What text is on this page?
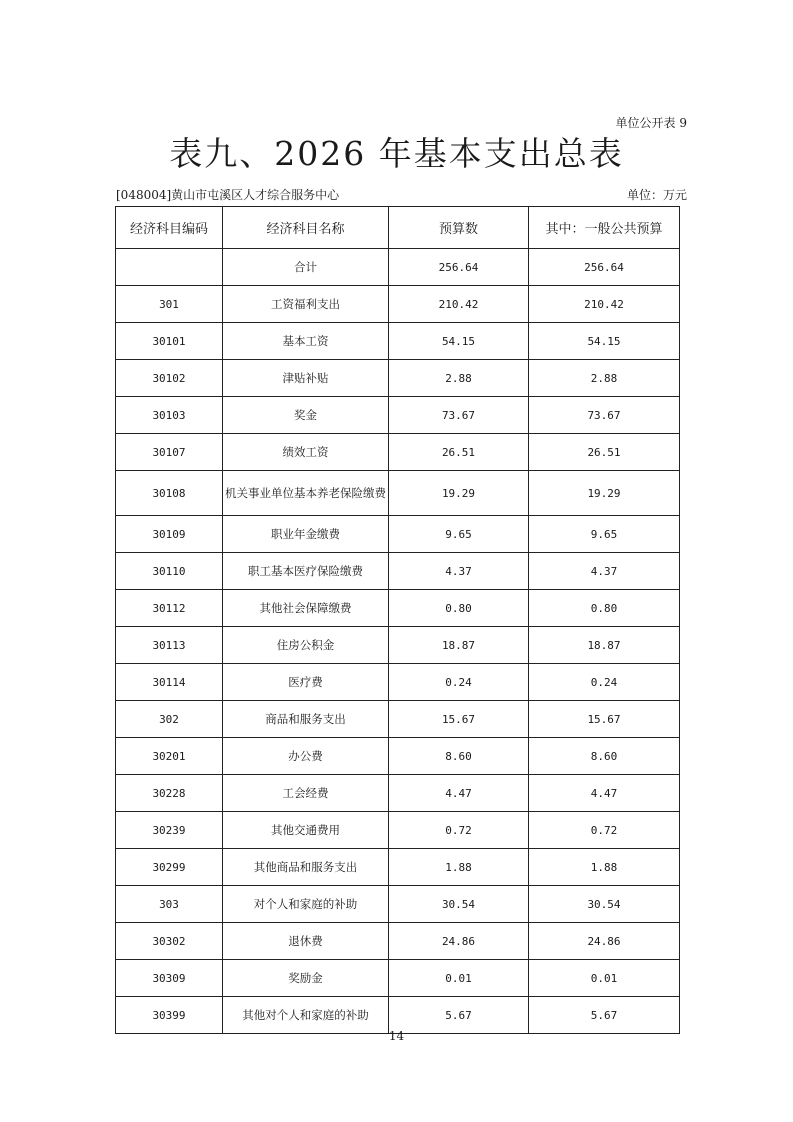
单位公开表 9
表九、2026 年基本支出总表
[048004]黄山市屯溪区人才综合服务中心	单位：万元
经济科目编码	经济科目名称	预算数	其中：一般公共预算
	合计	256.64	256.64
301	工资福利支出	210.42	210.42
30101	基本工资	54.15	54.15
30102	津贴补贴	2.88	2.88
30103	奖金	73.67	73.67
30107	绩效工资	26.51	26.51
30108	机关事业单位基本养老保险缴费	19.29	19.29
30109	职业年金缴费	9.65	9.65
30110	职工基本医疗保险缴费	4.37	4.37
30112	其他社会保障缴费	0.80	0.80
30113	住房公积金	18.87	18.87
30114	医疗费	0.24	0.24
302	商品和服务支出	15.67	15.67
30201	办公费	8.60	8.60
30228	工会经费	4.47	4.47
30239	其他交通费用	0.72	0.72
30299	其他商品和服务支出	1.88	1.88
303	对个人和家庭的补助	30.54	30.54
30302	退休费	24.86	24.86
30309	奖励金	0.01	0.01
30399	其他对个人和家庭的补助	5.67	5.67
14
